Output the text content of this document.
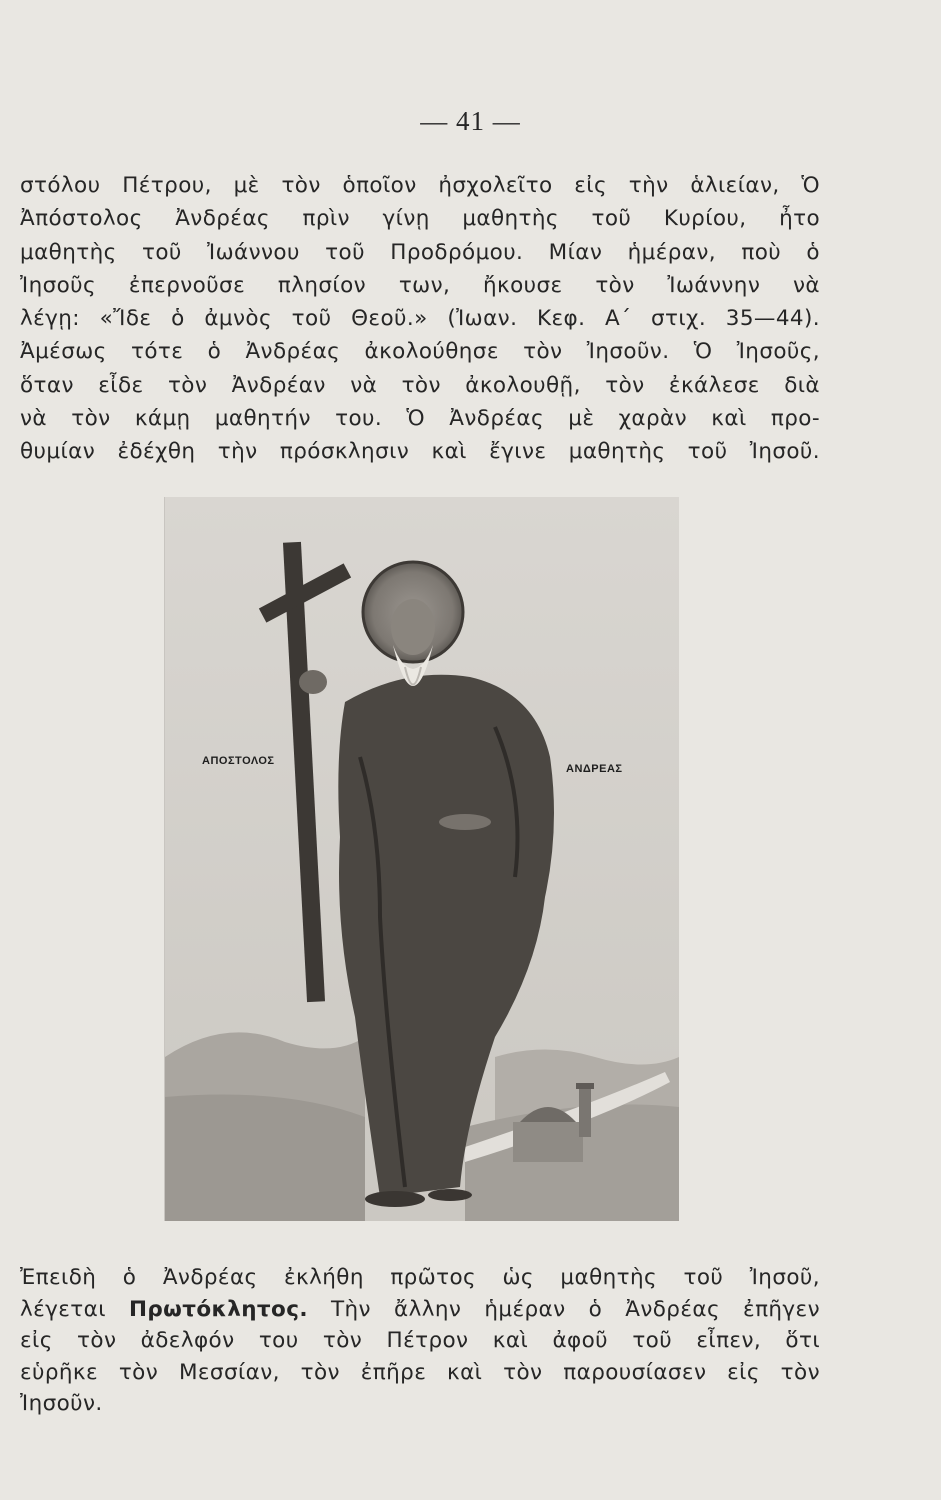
— 41 —
στόλου Πέτρου, μὲ τὸν ὁποῖον ἠσχολεῖτο εἰς τὴν ἁλιείαν, Ὁ
Ἀπόστολος Ἀνδρέας πρὶν γίνῃ μαθητὴς τοῦ Κυρίου, ἦτο
μαθητὴς τοῦ Ἰωάννου τοῦ Προδρόμου. Μίαν ἡμέραν, ποὺ ὁ
Ἰησοῦς ἐπερνοῦσε πλησίον των, ἤκουσε τὸν Ἰωάννην νὰ
λέγῃ: «Ἴδε ὁ ἀμνὸς τοῦ Θεοῦ.» (Ἰωαν. Κεφ. Α΄ στιχ. 35—44).
Ἀμέσως τότε ὁ Ἀνδρέας ἀκολούθησε τὸν Ἰησοῦν. Ὁ Ἰησοῦς,
ὅταν εἶδε τὸν Ἀνδρέαν νὰ τὸν ἀκολουθῇ, τὸν ἐκάλεσε διὰ
νὰ τὸν κάμῃ μαθητήν του. Ὁ Ἀνδρέας μὲ χαρὰν καὶ προ-
θυμίαν ἐδέχθη τὴν πρόσκλησιν καὶ ἔγινε μαθητὴς τοῦ Ἰησοῦ.
ΑΠΟΣΤΟΛΟΣ
ΑΝΔΡΕΑΣ
Ἐπειδὴ ὁ Ἀνδρέας ἐκλήθη πρῶτος ὡς μαθητὴς τοῦ Ἰησοῦ,
λέγεται Πρωτόκλητος. Τὴν ἄλλην ἡμέραν ὁ Ἀνδρέας ἐπῆγεν
εἰς τὸν ἀδελφόν του τὸν Πέτρον καὶ ἀφοῦ τοῦ εἶπεν, ὅτι
εὑρῆκε τὸν Μεσσίαν, τὸν ἐπῆρε καὶ τὸν παρουσίασεν εἰς τὸν
Ἰησοῦν.
